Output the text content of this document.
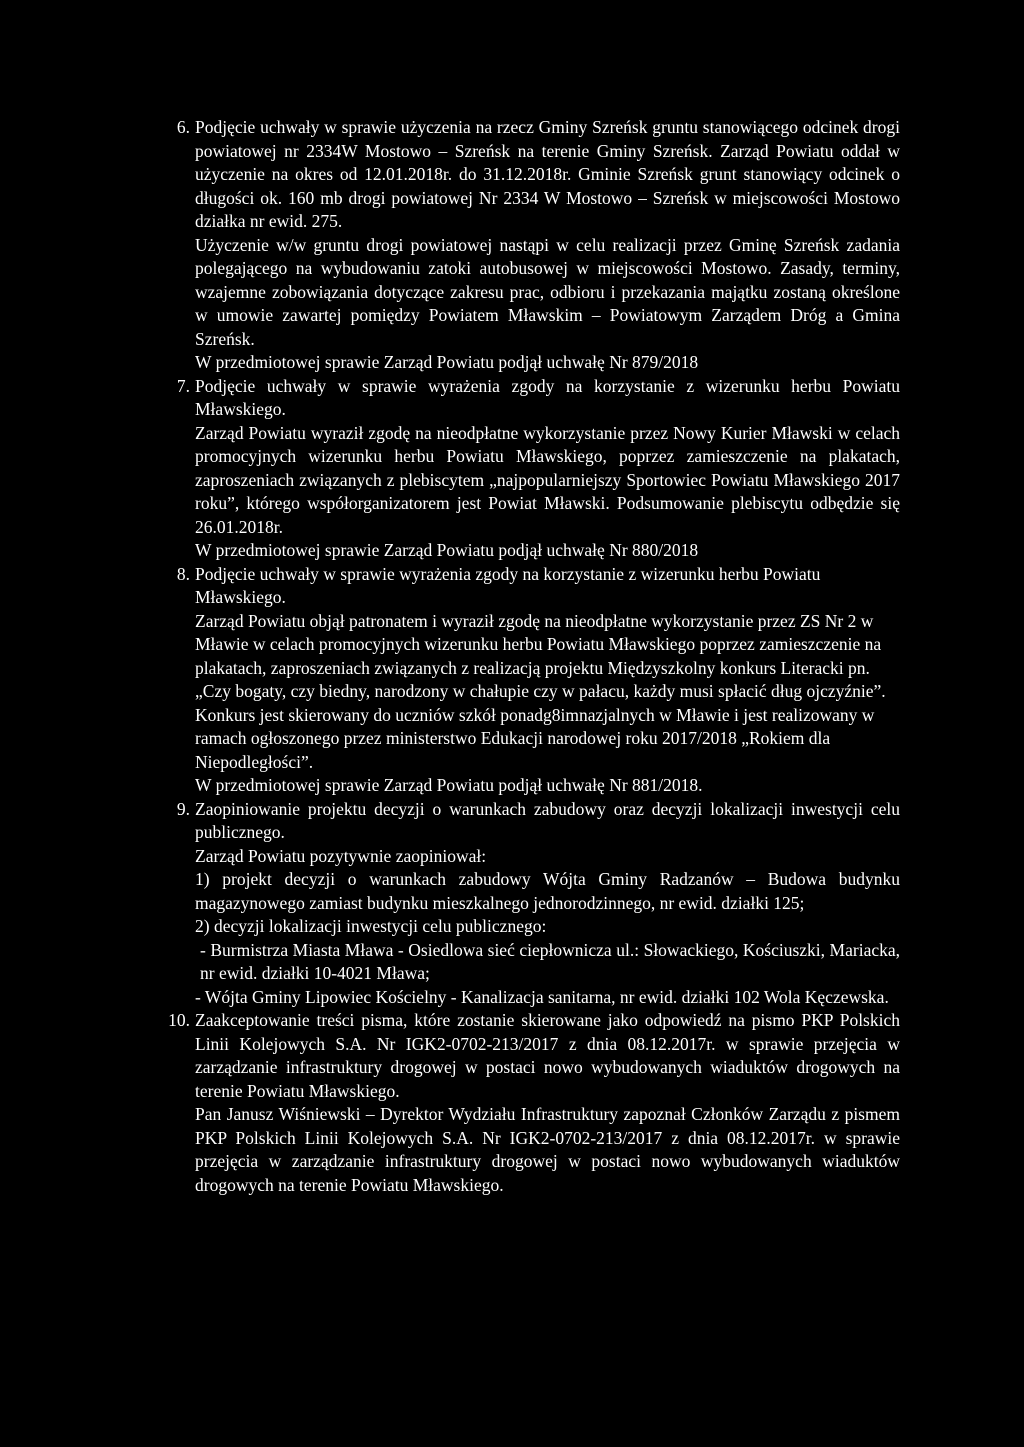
6. Podjęcie uchwały w sprawie użyczenia na rzecz Gminy Szreńsk gruntu stanowiącego odcinek drogi powiatowej nr 2334W Mostowo – Szreńsk na terenie Gminy Szreńsk. Zarząd Powiatu oddał w użyczenie na okres od 12.01.2018r. do 31.12.2018r. Gminie Szreńsk grunt stanowiący odcinek o długości ok. 160 mb drogi powiatowej Nr 2334 W Mostowo – Szreńsk w miejscowości Mostowo działka nr ewid. 275.

Użyczenie w/w gruntu drogi powiatowej nastąpi w celu realizacji przez Gminę Szreńsk zadania polegającego na wybudowaniu zatoki autobusowej w miejscowości Mostowo. Zasady, terminy, wzajemne zobowiązania dotyczące zakresu prac, odbioru i przekazania majątku zostaną określone w umowie zawartej pomiędzy Powiatem Mławskim – Powiatowym Zarządem Dróg a Gmina Szreńsk.

W przedmiotowej sprawie Zarząd Powiatu podjął uchwałę Nr 879/2018

7. Podjęcie uchwały w sprawie wyrażenia zgody na korzystanie z wizerunku herbu Powiatu Mławskiego.

Zarząd Powiatu wyraził zgodę na nieodpłatne wykorzystanie przez Nowy Kurier Mławski w celach promocyjnych wizerunku herbu Powiatu Mławskiego, poprzez zamieszczenie na plakatach, zaproszeniach związanych z plebiscytem „najpopularniejszy Sportowiec Powiatu Mławskiego 2017 roku”, którego współorganizatorem jest Powiat Mławski. Podsumowanie plebiscytu odbędzie się 26.01.2018r.

W przedmiotowej sprawie Zarząd Powiatu podjął uchwałę Nr 880/2018

8. Podjęcie uchwały w sprawie wyrażenia zgody na korzystanie z wizerunku herbu Powiatu Mławskiego.

Zarząd Powiatu objął patronatem i wyraził zgodę na nieodpłatne wykorzystanie przez ZS Nr 2 w Mławie w celach promocyjnych wizerunku herbu Powiatu Mławskiego poprzez zamieszczenie na plakatach, zaproszeniach związanych z realizacją projektu Międzyszkolny konkurs Literacki pn. „Czy bogaty, czy biedny, narodzony w chałupie czy w pałacu, każdy musi spłacić dług ojczyźnie”. Konkurs jest skierowany do uczniów szkół ponadg8imnazjalnych w Mławie i jest realizowany w ramach ogłoszonego przez ministerstwo Edukacji narodowej roku 2017/2018 „Rokiem dla Niepodległości”.

W przedmiotowej sprawie Zarząd Powiatu podjął uchwałę Nr 881/2018.

9. Zaopiniowanie projektu decyzji o warunkach zabudowy oraz decyzji lokalizacji inwestycji celu publicznego.

Zarząd Powiatu pozytywnie zaopiniował:

1) projekt decyzji o warunkach zabudowy Wójta Gminy Radzanów – Budowa budynku magazynowego zamiast budynku mieszkalnego jednorodzinnego, nr ewid. działki 125;

2) decyzji lokalizacji inwestycji celu publicznego:

- Burmistrza Miasta Mława - Osiedlowa sieć ciepłownicza ul.: Słowackiego, Kościuszki, Mariacka, nr ewid. działki 10-4021 Mława;

- Wójta Gminy Lipowiec Kościelny - Kanalizacja sanitarna, nr ewid. działki 102 Wola Kęczewska.

10. Zaakceptowanie treści pisma, które zostanie skierowane jako odpowiedź na pismo PKP Polskich Linii Kolejowych S.A. Nr IGK2-0702-213/2017 z dnia 08.12.2017r. w sprawie przejęcia w zarządzanie infrastruktury drogowej w postaci nowo wybudowanych wiaduktów drogowych na terenie Powiatu Mławskiego.

Pan Janusz Wiśniewski – Dyrektor Wydziału Infrastruktury zapoznał Członków Zarządu z pismem PKP Polskich Linii Kolejowych S.A. Nr IGK2-0702-213/2017 z dnia 08.12.2017r. w sprawie przejęcia w zarządzanie infrastruktury drogowej w postaci nowo wybudowanych wiaduktów drogowych na terenie Powiatu Mławskiego.
